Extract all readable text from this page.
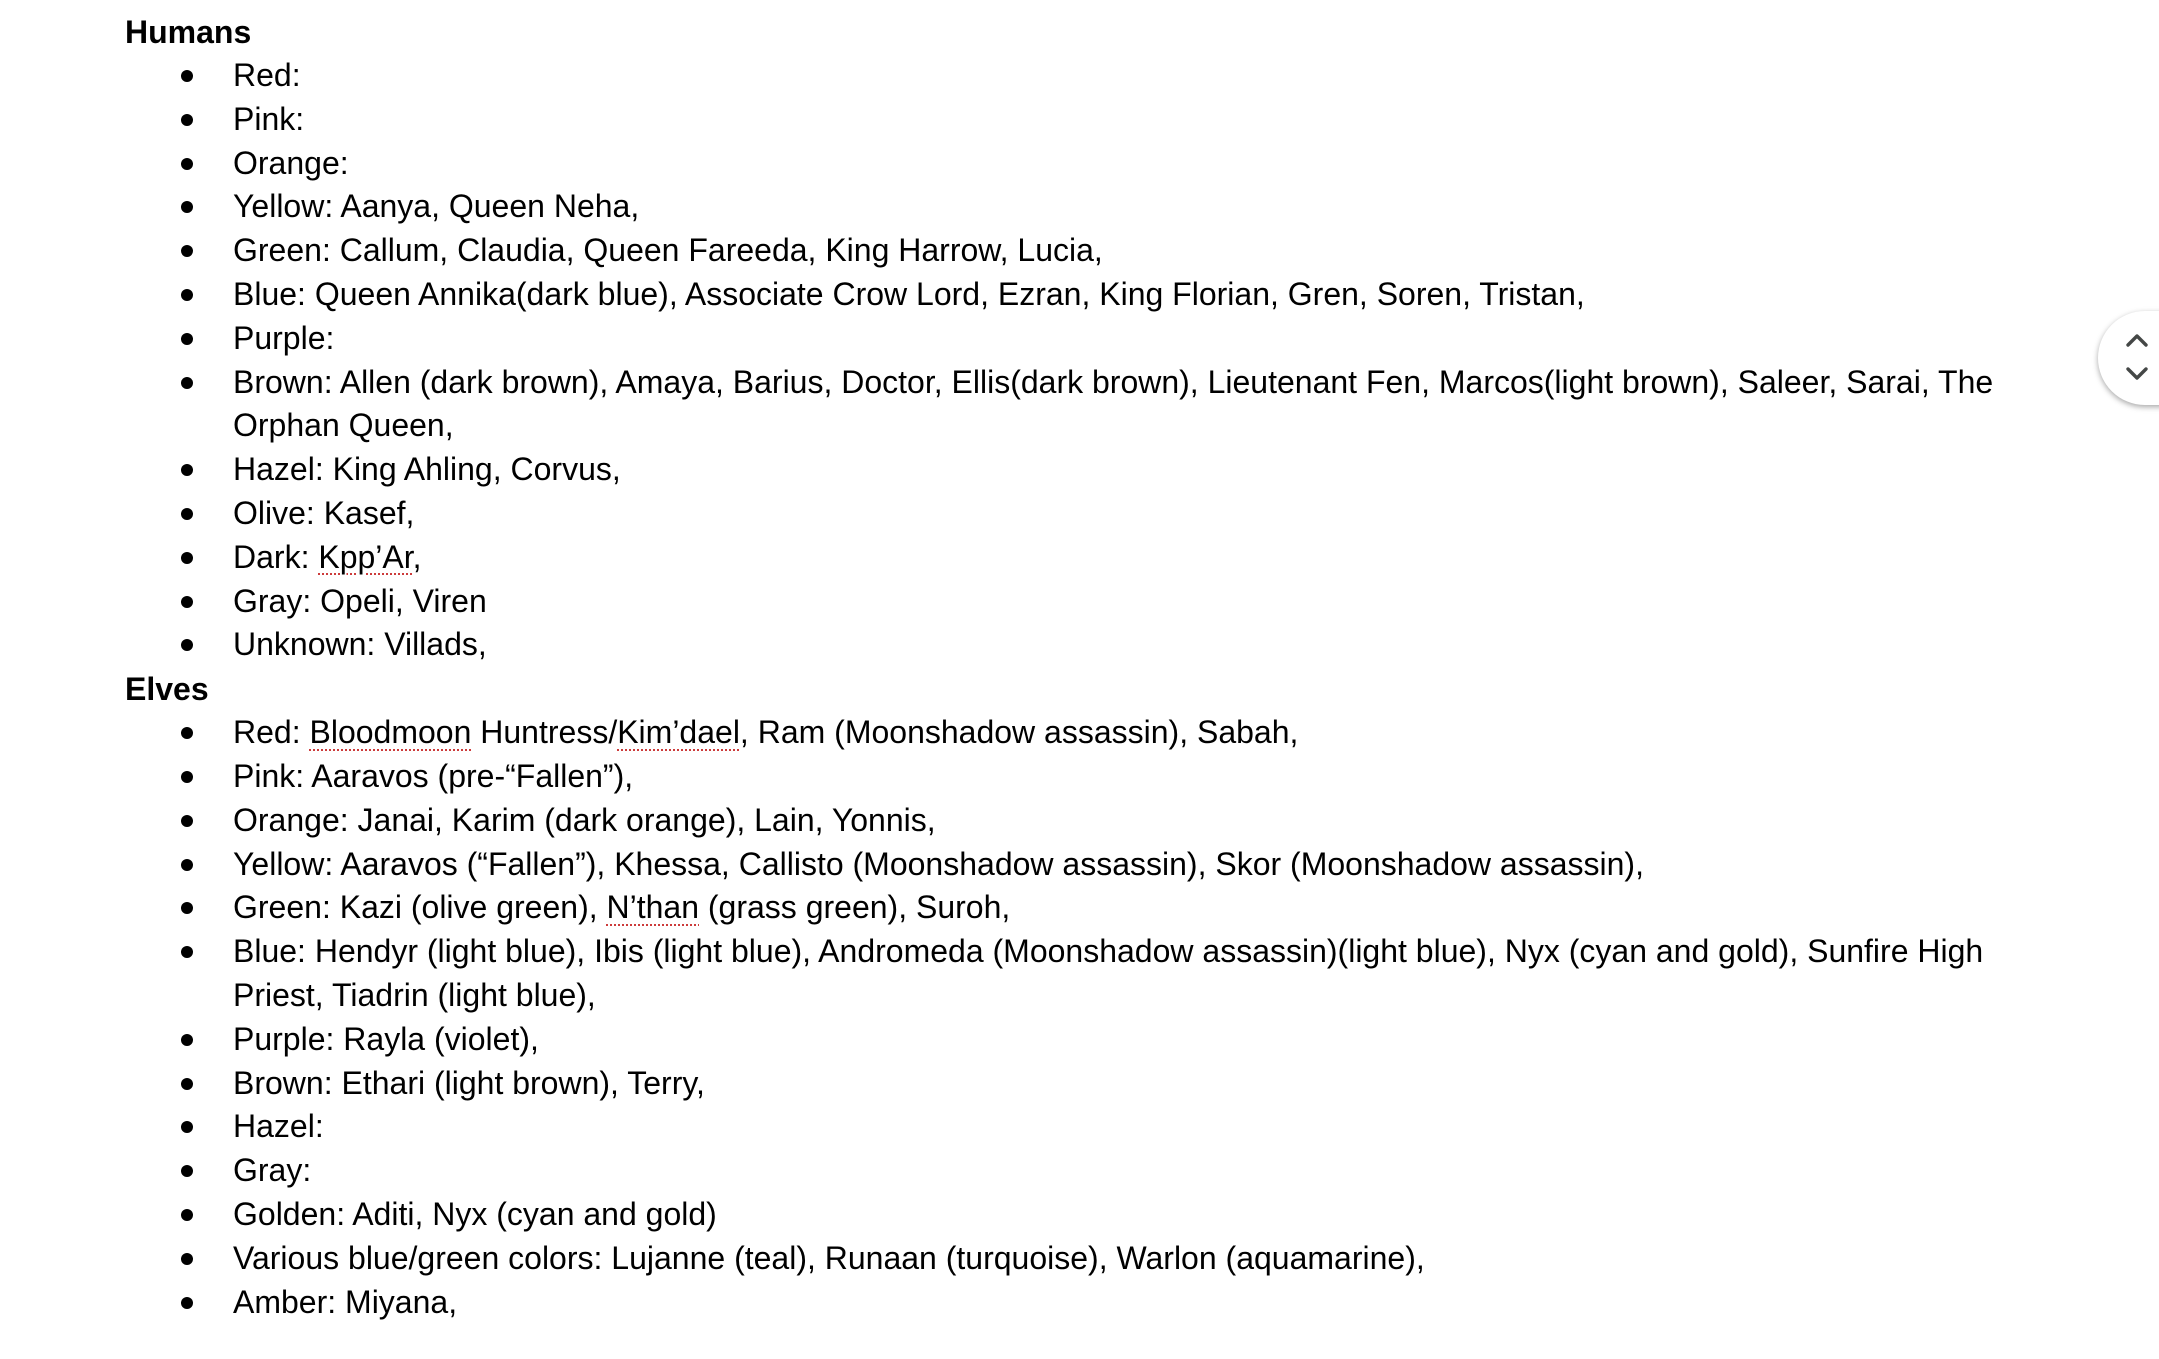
Humans
Red:
Pink:
Orange:
Yellow: Aanya, Queen Neha,
Green: Callum, Claudia, Queen Fareeda, King Harrow, Lucia,
Blue: Queen Annika(dark blue), Associate Crow Lord, Ezran, King Florian, Gren, Soren, Tristan,
Purple:
Brown: Allen (dark brown), Amaya, Barius, Doctor, Ellis(dark brown), Lieutenant Fen, Marcos(light brown), Saleer, Sarai, The Orphan Queen,
Hazel: King Ahling, Corvus,
Olive: Kasef,
Dark: Kpp’Ar,
Gray: Opeli, Viren
Unknown: Villads,
Elves
Red: Bloodmoon Huntress/Kim’dael, Ram (Moonshadow assassin), Sabah,
Pink: Aaravos (pre-“Fallen”),
Orange: Janai, Karim (dark orange), Lain, Yonnis,
Yellow: Aaravos (“Fallen”), Khessa, Callisto (Moonshadow assassin), Skor (Moonshadow assassin),
Green: Kazi (olive green), N’than (grass green), Suroh,
Blue: Hendyr (light blue), Ibis (light blue), Andromeda (Moonshadow assassin)(light blue), Nyx (cyan and gold), Sunfire High Priest, Tiadrin (light blue),
Purple: Rayla (violet),
Brown: Ethari (light brown), Terry,
Hazel:
Gray:
Golden: Aditi, Nyx (cyan and gold)
Various blue/green colors: Lujanne (teal), Runaan (turquoise), Warlon (aquamarine),
Amber: Miyana,
